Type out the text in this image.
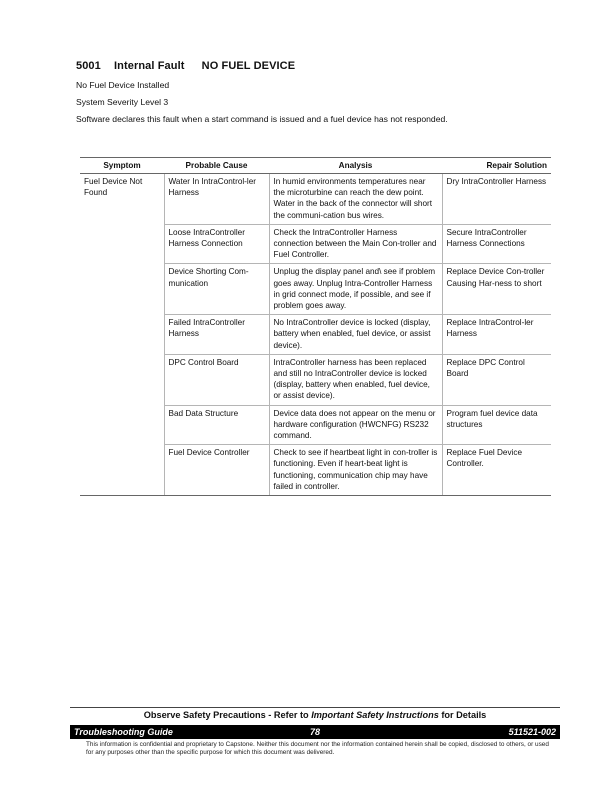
5001 Internal Fault NO FUEL DEVICE
No Fuel Device Installed
System Severity Level 3
Software declares this fault when a start command is issued and a fuel device has not responded.
Symptom	Probable Cause	Analysis	Repair Solution
Fuel Device Not Found	Water In IntraControl-ler Harness	In humid environments temperatures near the microturbine can reach the dew point. Water in the back of the connector will short the communi-cation bus wires.	Dry IntraController Harness
	Loose IntraController Harness Connection	Check the IntraController Harness connection between the Main Con-troller and Fuel Controller.	Secure IntraController Harness Connections
	Device Shorting Com-munication	Unplug the display panel and\ see if problem goes away. Unplug Intra-Controller Harness in grid connect mode, if possible, and see if problem goes away.	Replace Device Con-troller Causing Har-ness to short
	Failed IntraController Harness	No IntraController device is locked (display, battery when enabled, fuel device, or assist device).	Replace IntraControl-ler Harness
	DPC Control Board	IntraController harness has been replaced and still no IntraController device is locked (display, battery when enabled, fuel device, or assist device).	Replace DPC Control Board
	Bad Data Structure	Device data does not appear on the menu or hardware configuration (HWCNFG) RS232 command.	Program fuel device data structures
	Fuel Device Controller	Check to see if heartbeat light in con-troller is functioning. Even if heart-beat light is functioning, communication chip may have failed in controller.	Replace Fuel Device Controller.
Observe Safety Precautions - Refer to Important Safety Instructions for Details
Troubleshooting Guide	78	511521-002
This information is confidential and proprietary to Capstone. Neither this document nor the information contained herein shall be copied, disclosed to others, or used for any purposes other than the specific purpose for which this document was delivered.
